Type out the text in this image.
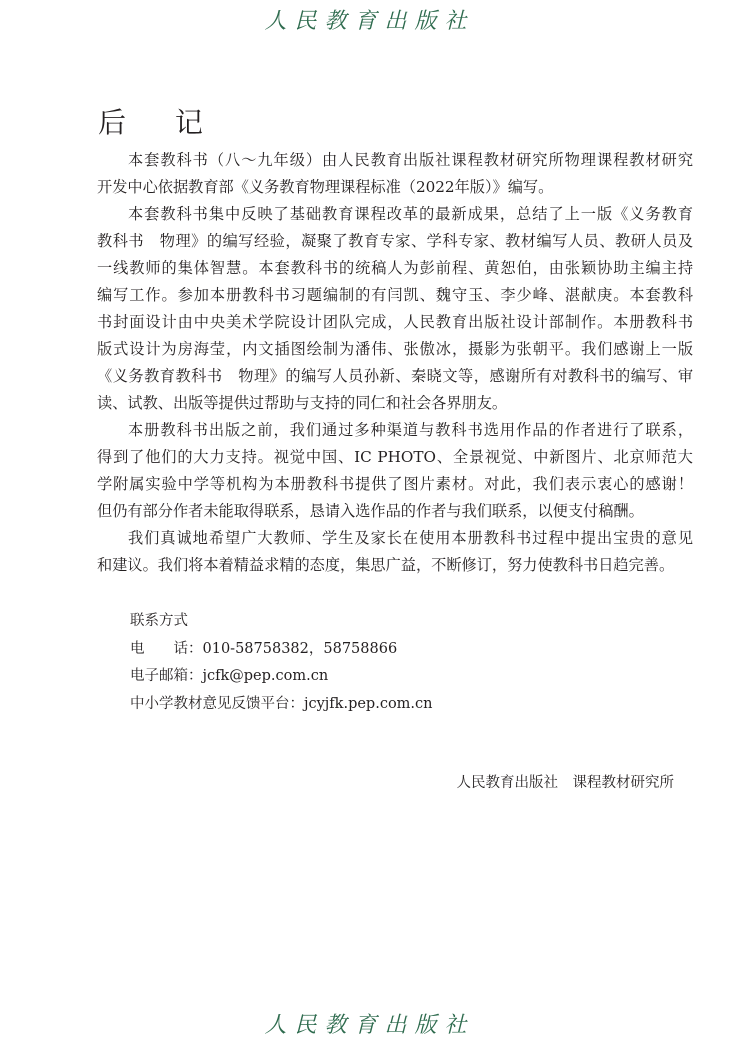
人民教育出版社
后 记
本套教科书（八～九年级）由人民教育出版社课程教材研究所物理课程教材研究
开发中心依据教育部《义务教育物理课程标准（2022年版）》编写。
本套教科书集中反映了基础教育课程改革的最新成果，总结了上一版《义务教育
教科书　物理》的编写经验，凝聚了教育专家、学科专家、教材编写人员、教研人员及
一线教师的集体智慧。本套教科书的统稿人为彭前程、黄恕伯，由张颖协助主编主持
编写工作。参加本册教科书习题编制的有闫凯、魏守玉、李少峰、湛献庚。本套教科
书封面设计由中央美术学院设计团队完成，人民教育出版社设计部制作。本册教科书
版式设计为房海莹，内文插图绘制为潘伟、张傲冰，摄影为张朝平。我们感谢上一版
《义务教育教科书　物理》的编写人员孙新、秦晓文等，感谢所有对教科书的编写、审
读、试教、出版等提供过帮助与支持的同仁和社会各界朋友。
本册教科书出版之前，我们通过多种渠道与教科书选用作品的作者进行了联系，
得到了他们的大力支持。视觉中国、IC PHOTO、全景视觉、中新图片、北京师范大
学附属实验中学等机构为本册教科书提供了图片素材。对此，我们表示衷心的感谢！
但仍有部分作者未能取得联系，恳请入选作品的作者与我们联系，以便支付稿酬。
我们真诚地希望广大教师、学生及家长在使用本册教科书过程中提出宝贵的意见
和建议。我们将本着精益求精的态度，集思广益，不断修订，努力使教科书日趋完善。
联系方式
电　　话：010-58758382，58758866
电子邮箱：jcfk@pep.com.cn
中小学教材意见反馈平台：jcyjfk.pep.com.cn
人民教育出版社　课程教材研究所
人民教育出版社
